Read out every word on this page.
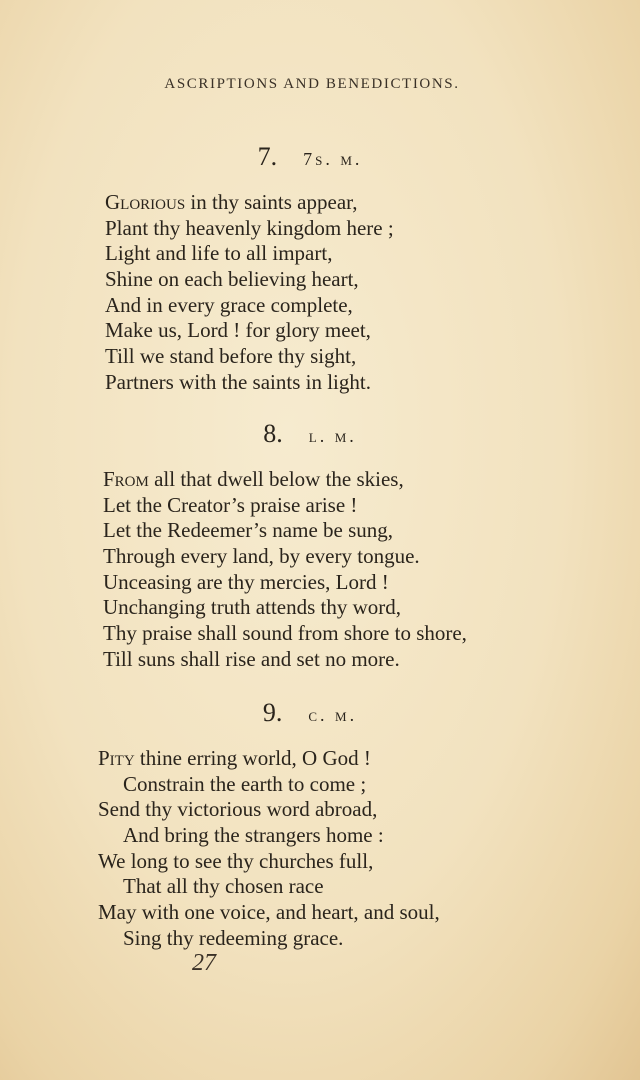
ASCRIPTIONS AND BENEDICTIONS.
7. 7s. m.
Glorious in thy saints appear,
Plant thy heavenly kingdom here ;
Light and life to all impart,
Shine on each believing heart,
And in every grace complete,
Make us, Lord ! for glory meet,
Till we stand before thy sight,
Partners with the saints in light.
8. l. m.
From all that dwell below the skies,
Let the Creator’s praise arise !
Let the Redeemer’s name be sung,
Through every land, by every tongue.
Unceasing are thy mercies, Lord !
Unchanging truth attends thy word,
Thy praise shall sound from shore to shore,
Till suns shall rise and set no more.
9. c. m.
Pity thine erring world, O God !
Constrain the earth to come ;
Send thy victorious word abroad,
And bring the strangers home :
We long to see thy churches full,
That all thy chosen race
May with one voice, and heart, and soul,
Sing thy redeeming grace.
27
